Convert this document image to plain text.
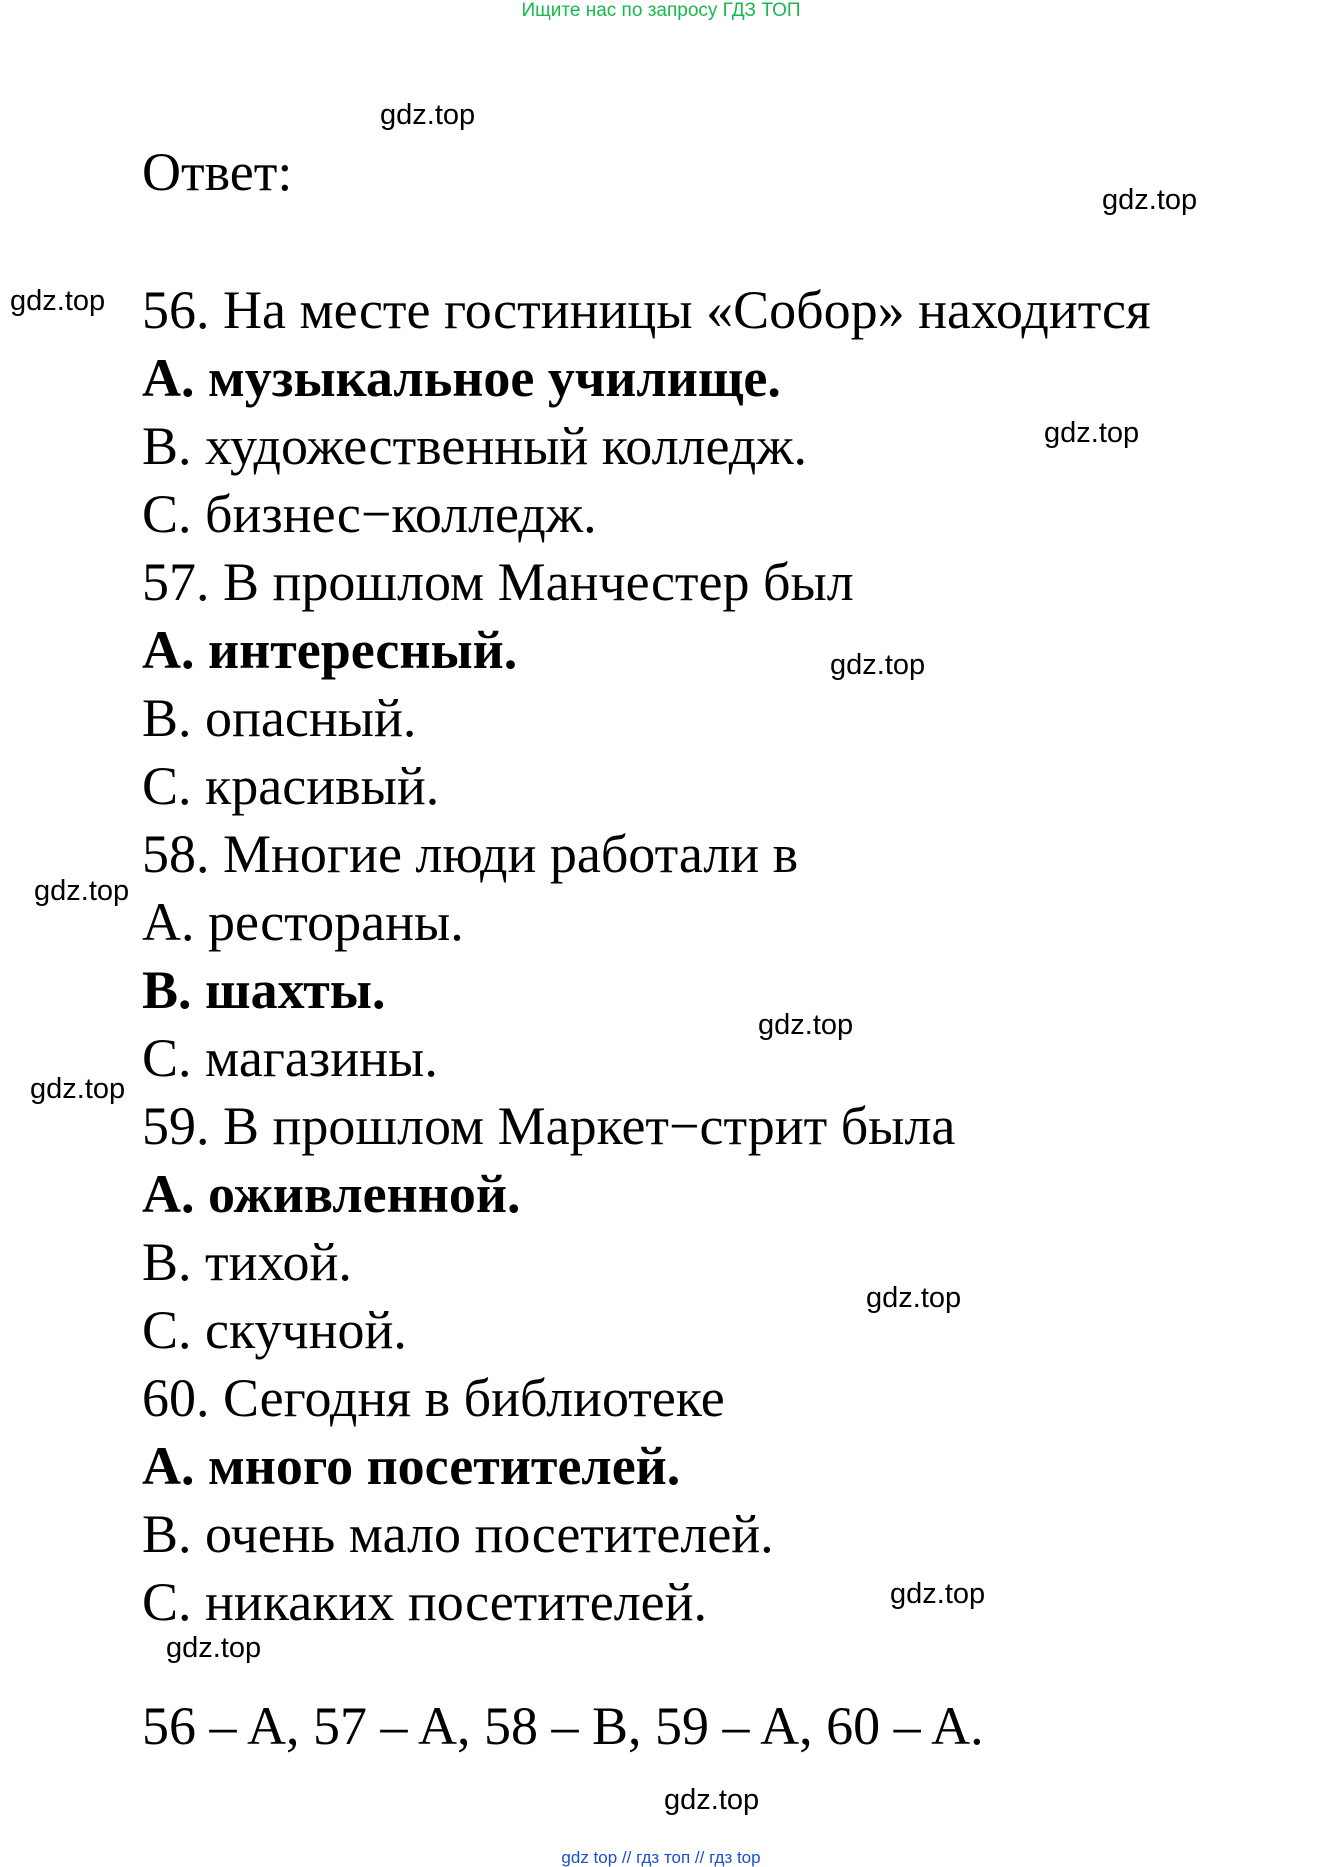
Ищите нас по запросу ГДЗ ТОП
gdz.top
gdz.top
gdz.top
gdz.top
gdz.top
gdz.top
gdz.top
gdz.top
gdz.top
gdz.top
gdz.top
gdz.top
Ответ:
56. На месте гостиницы «Собор» находится
A. музыкальное училище.
B. художественный колледж.
C. бизнес−колледж.
57. В прошлом Манчестер был
A. интересный.
B. опасный.
C. красивый.
58. Многие люди работали в
A. рестораны.
B. шахты.
C. магазины.
59. В прошлом Маркет−стрит была
A. оживленной.
B. тихой.
C. скучной.
60. Сегодня в библиотеке
A. много посетителей.
B. очень мало посетителей.
C. никаких посетителей.
56 – A, 57 – A, 58 – B, 59 – A, 60 – A.
gdz top // гдз топ // гдз top
